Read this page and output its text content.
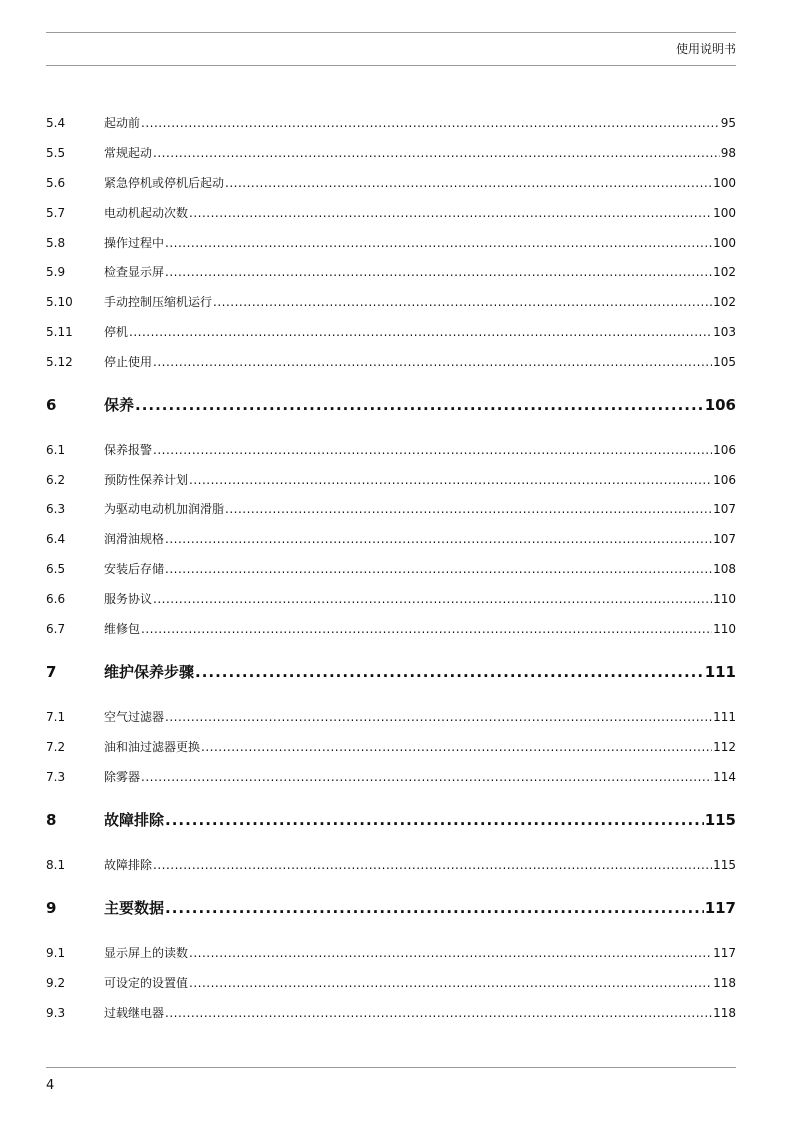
使用说明书
5.4	起动前 .....	95
5.5	常规起动 .....	98
5.6	紧急停机或停机后起动 .....	100
5.7	电动机起动次数 .....	100
5.8	操作过程中 .....	100
5.9	检查显示屏 .....	102
5.10	手动控制压缩机运行 .....	102
5.11	停机 .....	103
5.12	停止使用 .....	105
6	保养 .....	106
6.1	保养报警 .....	106
6.2	预防性保养计划 .....	106
6.3	为驱动电动机加润滑脂 .....	107
6.4	润滑油规格 .....	107
6.5	安装后存储 .....	108
6.6	服务协议 .....	110
6.7	维修包 .....	110
7	维护保养步骤 .....	111
7.1	空气过滤器 .....	111
7.2	油和油过滤器更换 .....	112
7.3	除雾器 .....	114
8	故障排除 .....	115
8.1	故障排除 .....	115
9	主要数据 .....	117
9.1	显示屏上的读数 .....	117
9.2	可设定的设置值 .....	118
9.3	过载继电器 .....	118
4
